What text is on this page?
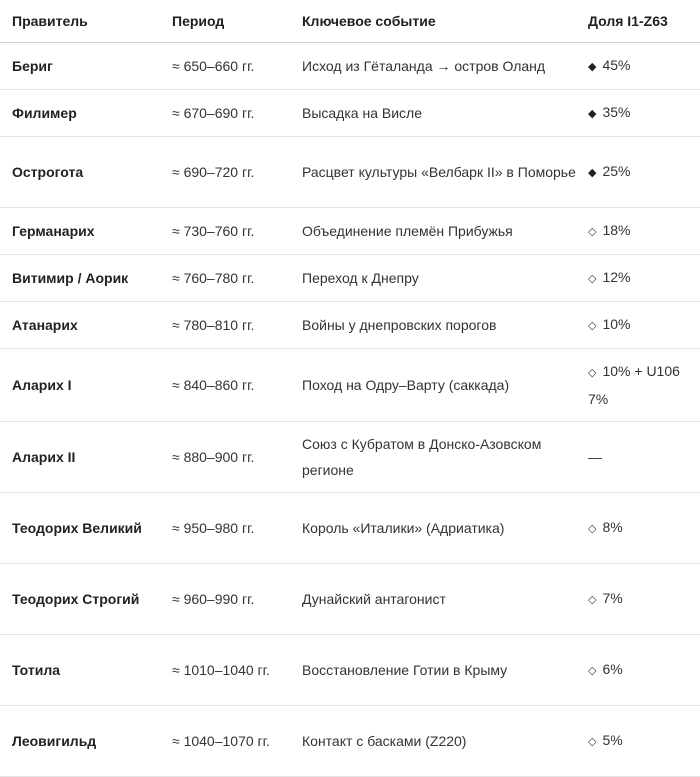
Правитель	Период	Ключевое событие	Доля I1-Z63
Бериг	≈ 650–660 гг.	Исход из Гёталанда → остров Оланд	◆ 45%
Филимер	≈ 670–690 гг.	Высадка на Висле	◆ 35%
Острогота	≈ 690–720 гг.	Расцвет культуры «Велбарк II» в Поморье	◆ 25%
Германарих	≈ 730–760 гг.	Объединение племён Прибужья	◇ 18%
Витимир / Аорик	≈ 760–780 гг.	Переход к Днепру	◇ 12%
Атанарих	≈ 780–810 гг.	Войны у днепровских порогов	◇ 10%
Аларих I	≈ 840–860 гг.	Поход на Одру–Варту (саккада)	◇ 10% + U106 7%
Аларих II	≈ 880–900 гг.	Союз с Кубратом в Донско-Азовском регионе	—
Теодорих Великий	≈ 950–980 гг.	Король «Италики» (Адриатика)	◇ 8%
Теодорих Строгий	≈ 960–990 гг.	Дунайский антагонист	◇ 7%
Тотила	≈ 1010–1040 гг.	Восстановление Готии в Крыму	◇ 6%
Леовигильд	≈ 1040–1070 гг.	Контакт с басками (Z220)	◇ 5%
